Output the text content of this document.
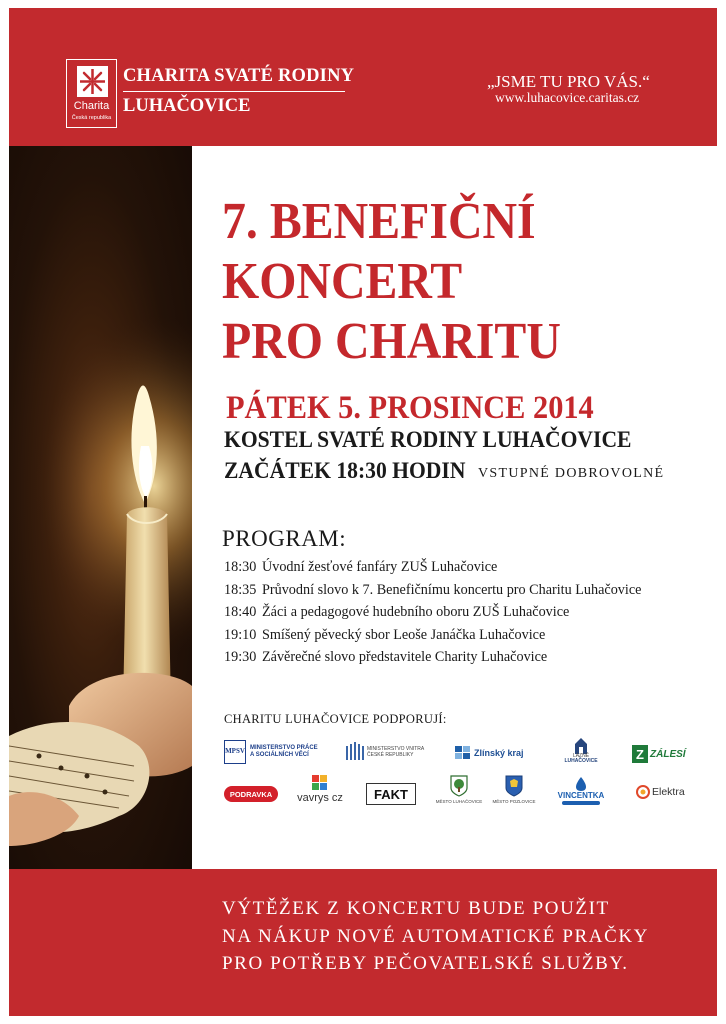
Charita
Česká republika
CHARITA SVATÉ RODINY
LUHAČOVICE
„JSME TU PRO VÁS.“
www.luhacovice.caritas.cz
7. BENEFIČNÍ
KONCERT
PRO CHARITU
PÁTEK 5. PROSINCE 2014
KOSTEL SVATÉ RODINY LUHAČOVICE
ZAČÁTEK 18:30 HODIN VSTUPNÉ DOBROVOLNÉ
PROGRAM:
18:30 Úvodní žesťové fanfáry ZUŠ Luhačovice
18:35 Průvodní slovo k 7. Benefičnímu koncertu pro Charitu Luhačovice
18:40 Žáci a pedagogové hudebního oboru ZUŠ Luhačovice
19:10 Smíšený pěvecký sbor Leoše Janáčka Luhačovice
19:30 Závěrečné slovo představitele Charity Luhačovice
CHARITU LUHAČOVICE PODPORUJÍ:
MPSV MINISTERSTVO PRÁCE
A SOCIÁLNÍCH VĚCÍ
MINISTERSTVO VNITRA
ČESKÉ REPUBLIKY	Zlínský kraj	LÁZNĚ
LUHAČOVICE	Z ZÁLESÍ
PODRAVKA vavrys cz FAKT	MĚSTO LUHAČOVICE MĚSTO POZLOVICE
VINCENTKA	Elektra
VÝTĚŽEK Z KONCERTU BUDE POUŽIT
NA NÁKUP NOVÉ AUTOMATICKÉ PRAČKY
PRO POTŘEBY PEČOVATELSKÉ SLUŽBY.
